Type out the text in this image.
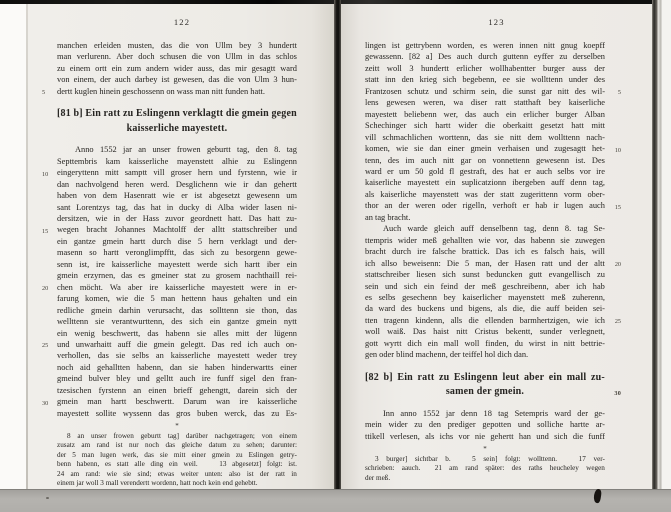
122
manchen erleiden musten, das die von Ullm bey 3 hundertt
man verlurenn. Aber doch schusen die von Ullm in das schlos
zu einem ortt ein zum andern wider auss, das mir gesagtt ward
von einem, der auch darbey ist gewesen, das die von Ulm 3 hun-
5 dertt kuglen hinein geschossenn on wass man nitt funden hatt.
[81 b] Ein ratt zu Eslingenn verklagtt die gmein gegen
kaisserliche mayestett.
Anno 1552 jar an unser frowen geburtt tag, den 8. tag
Septtembris kam kaisserliche mayenstett alhie zu Eslingenn
10 eingeryttenn mitt samptt vill groser hern und fyrstenn, wie ir
dan nachvolgend heren werd. Desglichenn wie ir dan gehertt
haben von dem Hasenratt wie er ist abgesetzt gewesenn um
sant Lorentzys tag, das hat in ducky di Alba wider lasen ni-
dersitzen, wie in der Hass zuvor geordnett hatt. Das hatt zu-
15 wegen bracht Johannes Machtolff der alltt stattschreiber und
ein gantze gmein hartt durch dise 5 hern verklagt und der-
masenn so hartt veronglimpfftt, das sich zu besorgenn gewe-
senn ist, ire kaisserliche mayestett werde sich hartt iber ein
gmein erzyrnen, das es gmeiner stat zu grosem nachthaill rei-
20 chen möcht. Wa aber ire kaisserliche mayestett were in er-
farung komen, wie die 5 man hettenn haus gehalten und ein
redliche gmein darhin verursacht, das sollttenn sie thon, das
wellttenn sie verantwurttenn, des sich ein gantze gmein nytt
ein wenig beschwertt, das habenn sie alles mitt der lügenn
25 und unwarhaitt auff die gmein gelegtt. Das red ich auch on-
verhollen, das sie selbs an kaisserliche mayestett weder trey
noch aid gehalltten habenn, dan sie haben hinderwartts einer
gmeind bulver bley und gelltt auch ire funff sigel den fran-
tzesischen fyrstenn an einen brieff gehengtt, darein sich der
30 gmein man hartt beschwertt. Darum wan ire kaisserliche
mayestett sollite wyssenn das gros buben werck, das zu Es-
*
8 an unser frowen geburtt tag] darüber nachgetragen; von einem
zusatz am rand ist nur noch das gleiche datum zu sehen; darunter:
der 5 man lugen werk, das sie mitt einer gmein zu Eslingen getry-
benn habenn, es statt alle ding ein weil.   13 abgesetzt] folgt: ist.
24 am rand: wie sie sind; etwas weiter unten: also ist der ratt in
einem jar woll 3 mall verendertt wordenn, hatt noch kein end gehebtt.
123
lingen ist gettrybenn worden, es weren innen nitt gnug koepff
gewassenn. [82 a] Des auch durch guttenn eyffer zu derselben
zeitt woll 3 hundertt erlicher wollhabentter burger auss der
statt inn den krieg sich begebenn, ee sie wollttenn under des
5
Frantzosen schutz und schirm sein, die sunst gar nitt des wil-
lens gewesen weren, wa diser ratt statthaft bey kaiserliche
mayestett beliebenn wer, das auch ein erlicher burger Alban
Schechinger sich hartt wider die oberkaitt gesetzt hatt mitt
vill schmachlichen worttenn, das sie nitt dem wollttenn nach-
10
komen, wie sie dan einer gmein verhaisen und zugesagtt het-
tenn, des im auch nitt gar on vonnettenn gewesenn ist. Des
ward er um 50 gold fl gestraft, des hat er auch selbs vor ire
kaiserliche mayestett ein suplicatzionn ibergeben auff denn tag,
als kaiserliche mayenstett was der statt zugerittenn vorm ober-
15
thor an der weren oder rigelln, verhoft er hab ir lugen auch
an tag bracht.
Auch warde gleich auff denselbenn tag, denn 8. tag Se-
ttempris wider meß gehallten wie vor, das habenn sie zuwegen
bracht durch ire falsche brattick. Das ich es falsch hais, will
20
ich allso beweisenn: Die 5 man, der Hasen ratt und der altt
stattschreiber liesen sich sunst beduncken gutt evangellisch zu
sein und sich ein feind der meß geschreibenn, aber ich hab
es selbs gesechenn bey kaiserlicher mayenstett meß zuherenn,
da ward des buckens und bigens, als die, die auff beiden sei-
25
tten tragenn kindenn, alls die ellenden barmhertzigen, wie ich
woll waiß. Das haist nitt Cristus bekentt, sunder verlegnett,
gott wyrtt dich ein mall woll finden, du wirst in nitt bettrie-
gen oder blind machenn, der teiffel hol dich dan.
[82 b] Ein ratt zu Eslingenn leut aber ein mall zu-
30
samen der gmein.
Inn anno 1552 jar denn 18 tag Setempris ward der ge-
mein wider zu den prediger gepotten und solliche hartte ar-
ttikell verlesen, als ichs vor nie gehertt han und sich die funff
*
3 burger] sichtbar b.   5 sein] folgt: wollttenn.   17 ver-
schrieben: aauch.  21 am rand später: des raths heucheley wegen
der meß.
